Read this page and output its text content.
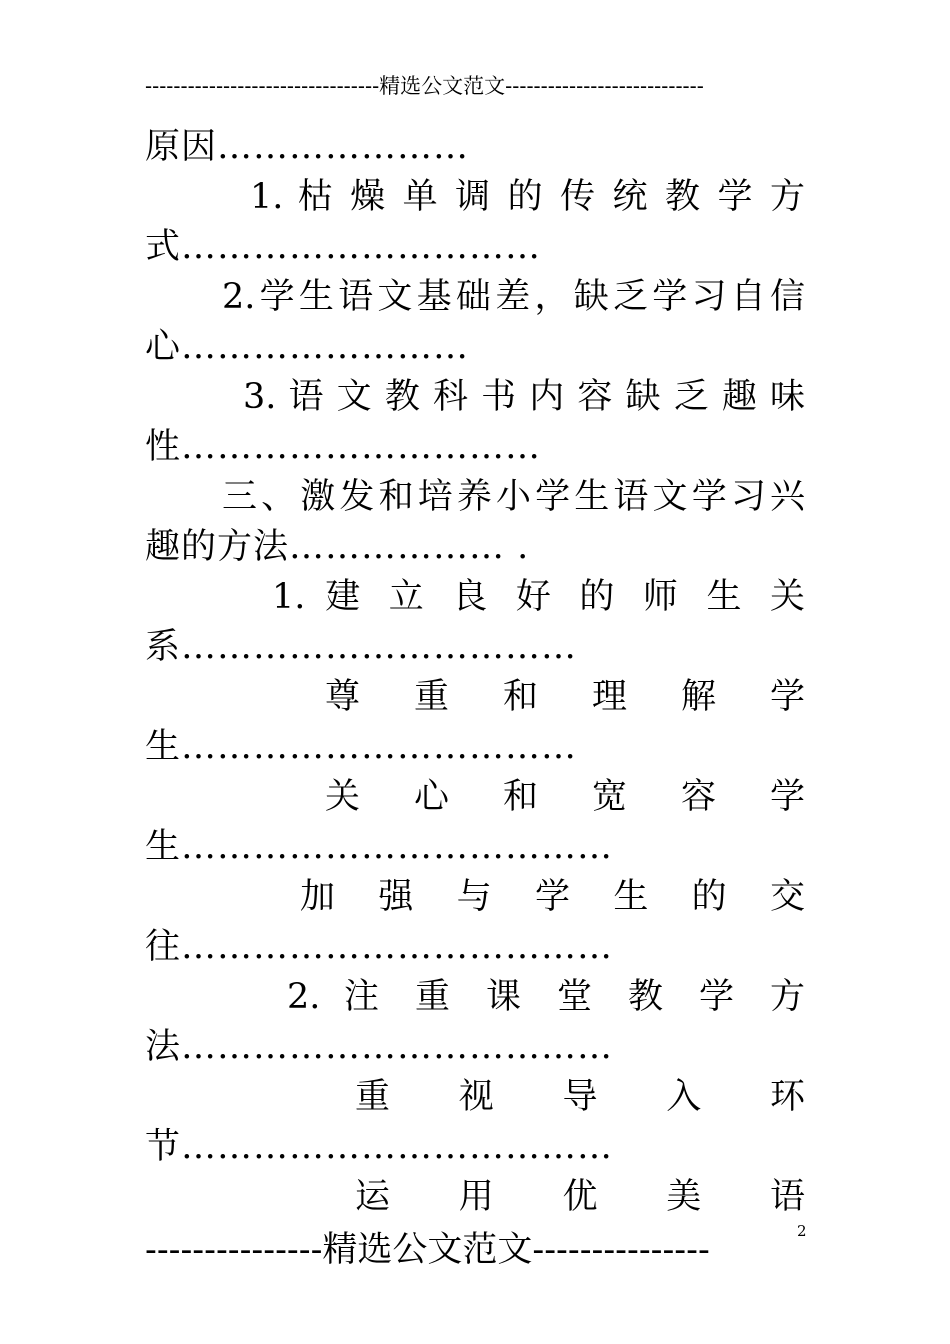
---------------------------------精选公文范文----------------------------
原因…………………
1. 枯 燥 单 调 的 传 统 教 学 方
式…………………………
2.学生语文基础差，缺乏学习自信
心……………………
3. 语 文 教 科 书 内 容 缺 乏 趣 味
性…………………………
三、激发和培养小学生语文学习兴
趣的方法……………… .
1. 建 立 良 好 的 师 生 关
系……………………………
尊 重 和 理 解 学
生……………………………
关 心 和 宽 容 学
生………………………………
加 强 与 学 生 的 交
往………………………………
2. 注 重 课 堂 教 学 方
法………………………………
重 视 导 入 环
节………………………………
运 用 优 美 语
---------------精选公文范文---------------	2
